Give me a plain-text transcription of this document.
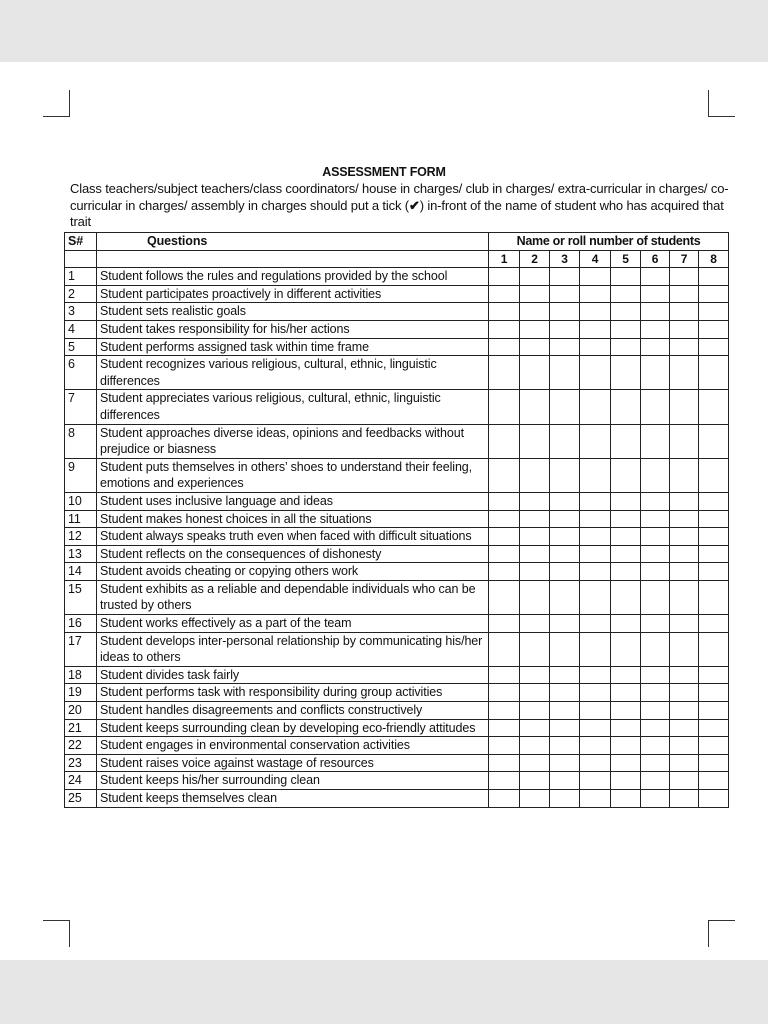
ASSESSMENT FORM
Class teachers/subject teachers/class coordinators/ house in charges/ club in charges/ extra-curricular in charges/ co-curricular in charges/ assembly in charges should put a tick (✔) in-front of the name of student who has acquired that trait
S#	Questions	Name or roll number of students							
		1	2	3	4	5	6	7	8
1	Student follows the rules and regulations provided by the school								
2	Student participates proactively in different activities								
3	Student sets realistic goals								
4	Student takes responsibility for his/her actions								
5	Student performs assigned task within time frame								
6	Student recognizes various religious, cultural, ethnic, linguistic differences								
7	Student appreciates various religious, cultural, ethnic, linguistic differences								
8	Student approaches diverse ideas, opinions and feedbacks without prejudice or biasness								
9	Student puts themselves in others’ shoes to understand their feeling, emotions and experiences								
10	Student uses inclusive language and ideas								
11	Student makes honest choices in all the situations								
12	Student always speaks truth even when faced with difficult situations								
13	Student reflects on the consequences of dishonesty								
14	Student avoids cheating or copying others work								
15	Student exhibits as a reliable and dependable individuals who can be trusted by others								
16	Student works effectively as a part of the team								
17	Student develops inter-personal relationship by communicating his/her ideas to others								
18	Student divides task fairly								
19	Student performs task with responsibility during group activities								
20	Student handles disagreements and conflicts constructively								
21	Student keeps surrounding clean by developing eco-friendly attitudes								
22	Student engages in environmental conservation activities								
23	Student raises voice against wastage of resources								
24	Student keeps his/her surrounding clean								
25	Student keeps themselves clean								
